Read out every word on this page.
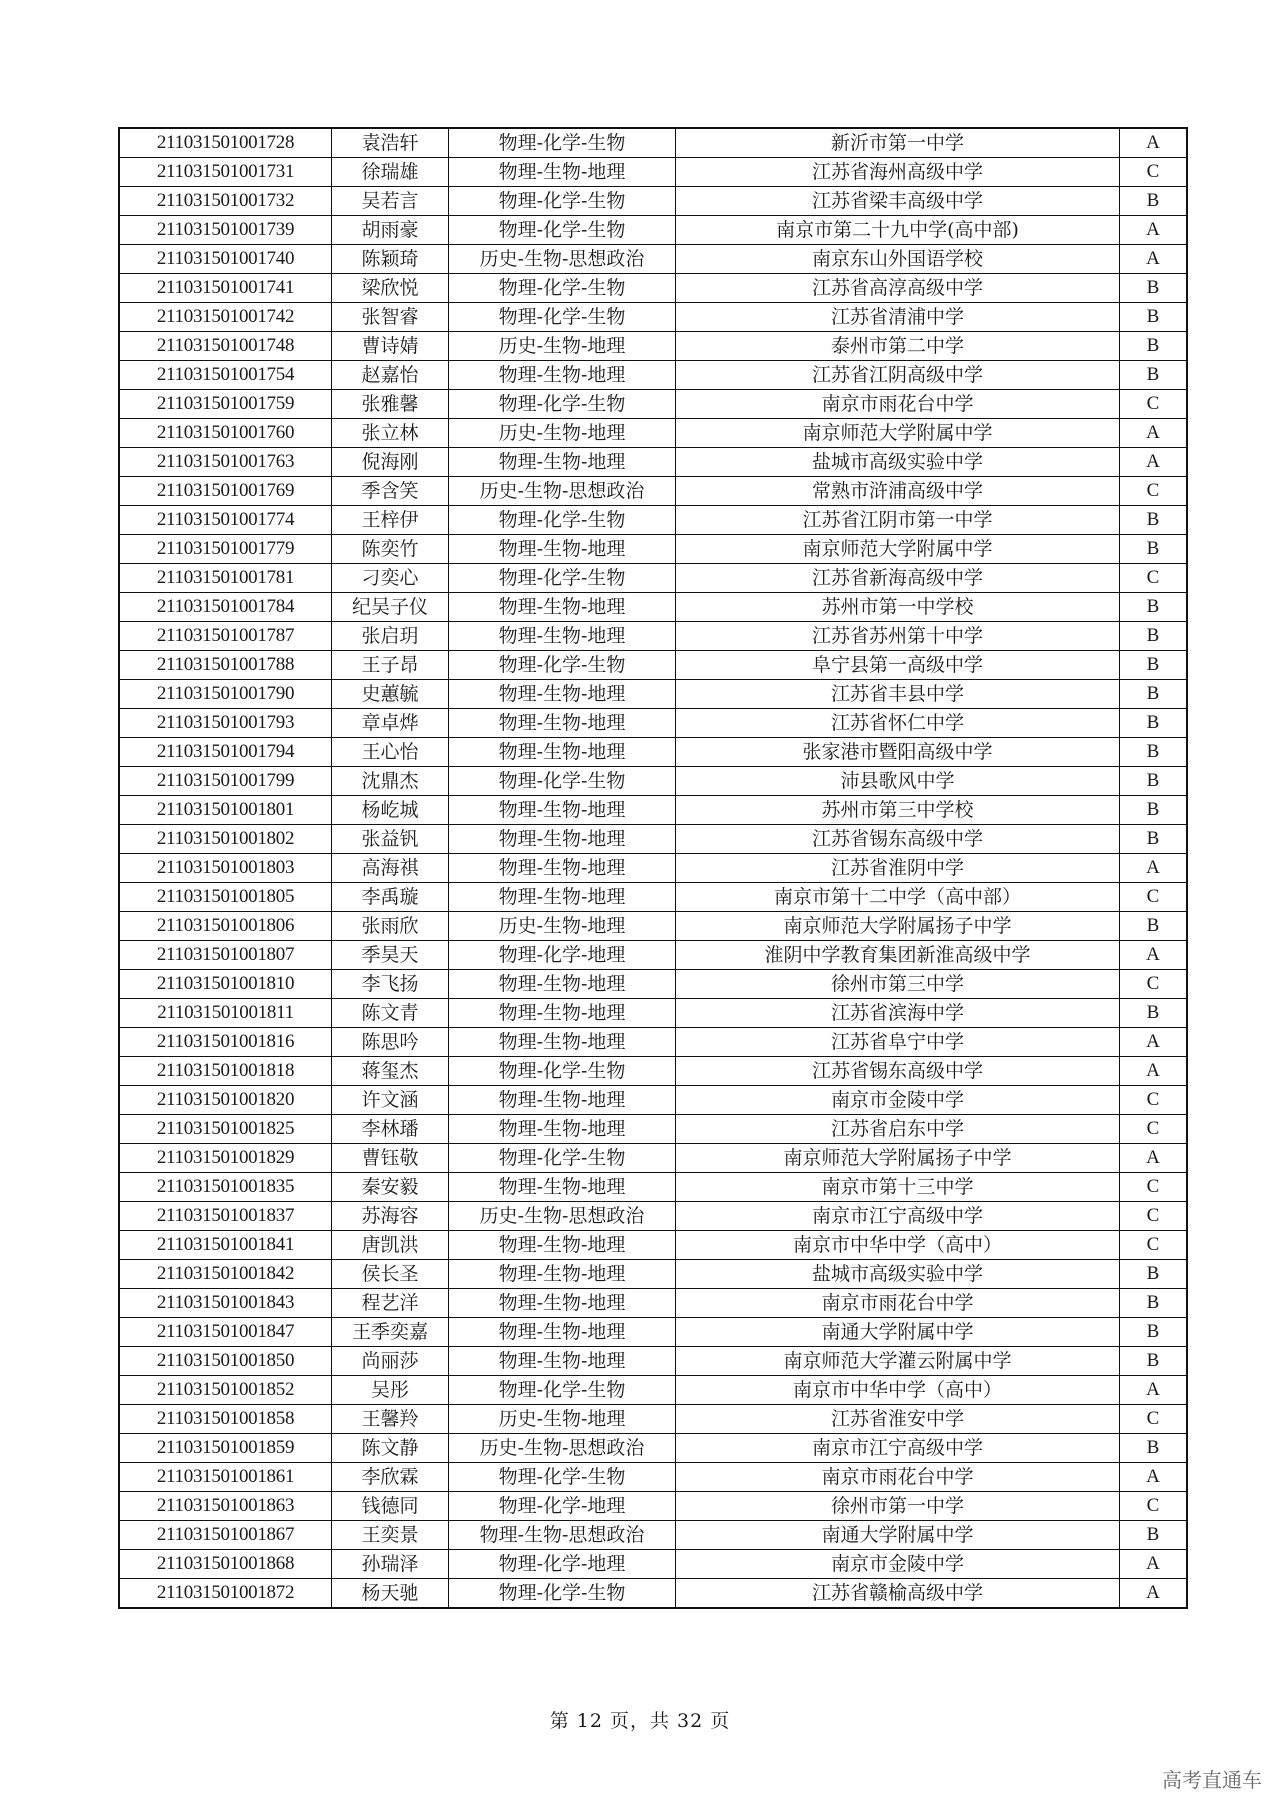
211031501001728	袁浩轩	物理-化学-生物	新沂市第一中学	A
211031501001731	徐瑞雄	物理-生物-地理	江苏省海州高级中学	C
211031501001732	吴若言	物理-化学-生物	江苏省梁丰高级中学	B
211031501001739	胡雨豪	物理-化学-生物	南京市第二十九中学(高中部)	A
211031501001740	陈颖琦	历史-生物-思想政治	南京东山外国语学校	A
211031501001741	梁欣悦	物理-化学-生物	江苏省高淳高级中学	B
211031501001742	张智睿	物理-化学-生物	江苏省清浦中学	B
211031501001748	曹诗婧	历史-生物-地理	泰州市第二中学	B
211031501001754	赵嘉怡	物理-生物-地理	江苏省江阴高级中学	B
211031501001759	张雅馨	物理-化学-生物	南京市雨花台中学	C
211031501001760	张立林	历史-生物-地理	南京师范大学附属中学	A
211031501001763	倪海刚	物理-生物-地理	盐城市高级实验中学	A
211031501001769	季含笑	历史-生物-思想政治	常熟市浒浦高级中学	C
211031501001774	王梓伊	物理-化学-生物	江苏省江阴市第一中学	B
211031501001779	陈奕竹	物理-生物-地理	南京师范大学附属中学	B
211031501001781	刁奕心	物理-化学-生物	江苏省新海高级中学	C
211031501001784	纪吴子仪	物理-生物-地理	苏州市第一中学校	B
211031501001787	张启玥	物理-生物-地理	江苏省苏州第十中学	B
211031501001788	王子昂	物理-化学-生物	阜宁县第一高级中学	B
211031501001790	史蕙毓	物理-生物-地理	江苏省丰县中学	B
211031501001793	章卓烨	物理-生物-地理	江苏省怀仁中学	B
211031501001794	王心怡	物理-生物-地理	张家港市暨阳高级中学	B
211031501001799	沈鼎杰	物理-化学-生物	沛县歌风中学	B
211031501001801	杨屹城	物理-生物-地理	苏州市第三中学校	B
211031501001802	张益钒	物理-生物-地理	江苏省锡东高级中学	B
211031501001803	高海祺	物理-生物-地理	江苏省淮阴中学	A
211031501001805	李禹璇	物理-生物-地理	南京市第十二中学（高中部）	C
211031501001806	张雨欣	历史-生物-地理	南京师范大学附属扬子中学	B
211031501001807	季昊天	物理-化学-地理	淮阴中学教育集团新淮高级中学	A
211031501001810	李飞扬	物理-生物-地理	徐州市第三中学	C
211031501001811	陈文青	物理-生物-地理	江苏省滨海中学	B
211031501001816	陈思吟	物理-生物-地理	江苏省阜宁中学	A
211031501001818	蒋玺杰	物理-化学-生物	江苏省锡东高级中学	A
211031501001820	许文涵	物理-生物-地理	南京市金陵中学	C
211031501001825	李林璠	物理-生物-地理	江苏省启东中学	C
211031501001829	曹钰敬	物理-化学-生物	南京师范大学附属扬子中学	A
211031501001835	秦安毅	物理-生物-地理	南京市第十三中学	C
211031501001837	苏海容	历史-生物-思想政治	南京市江宁高级中学	C
211031501001841	唐凯洪	物理-生物-地理	南京市中华中学（高中）	C
211031501001842	侯长圣	物理-生物-地理	盐城市高级实验中学	B
211031501001843	程艺洋	物理-生物-地理	南京市雨花台中学	B
211031501001847	王季奕嘉	物理-生物-地理	南通大学附属中学	B
211031501001850	尚丽莎	物理-生物-地理	南京师范大学灌云附属中学	B
211031501001852	吴彤	物理-化学-生物	南京市中华中学（高中）	A
211031501001858	王馨羚	历史-生物-地理	江苏省淮安中学	C
211031501001859	陈文静	历史-生物-思想政治	南京市江宁高级中学	B
211031501001861	李欣霖	物理-化学-生物	南京市雨花台中学	A
211031501001863	钱德同	物理-化学-地理	徐州市第一中学	C
211031501001867	王奕景	物理-生物-思想政治	南通大学附属中学	B
211031501001868	孙瑞泽	物理-化学-地理	南京市金陵中学	A
211031501001872	杨天驰	物理-化学-生物	江苏省赣榆高级中学	A
第 12 页，共 32 页
高考直通车
